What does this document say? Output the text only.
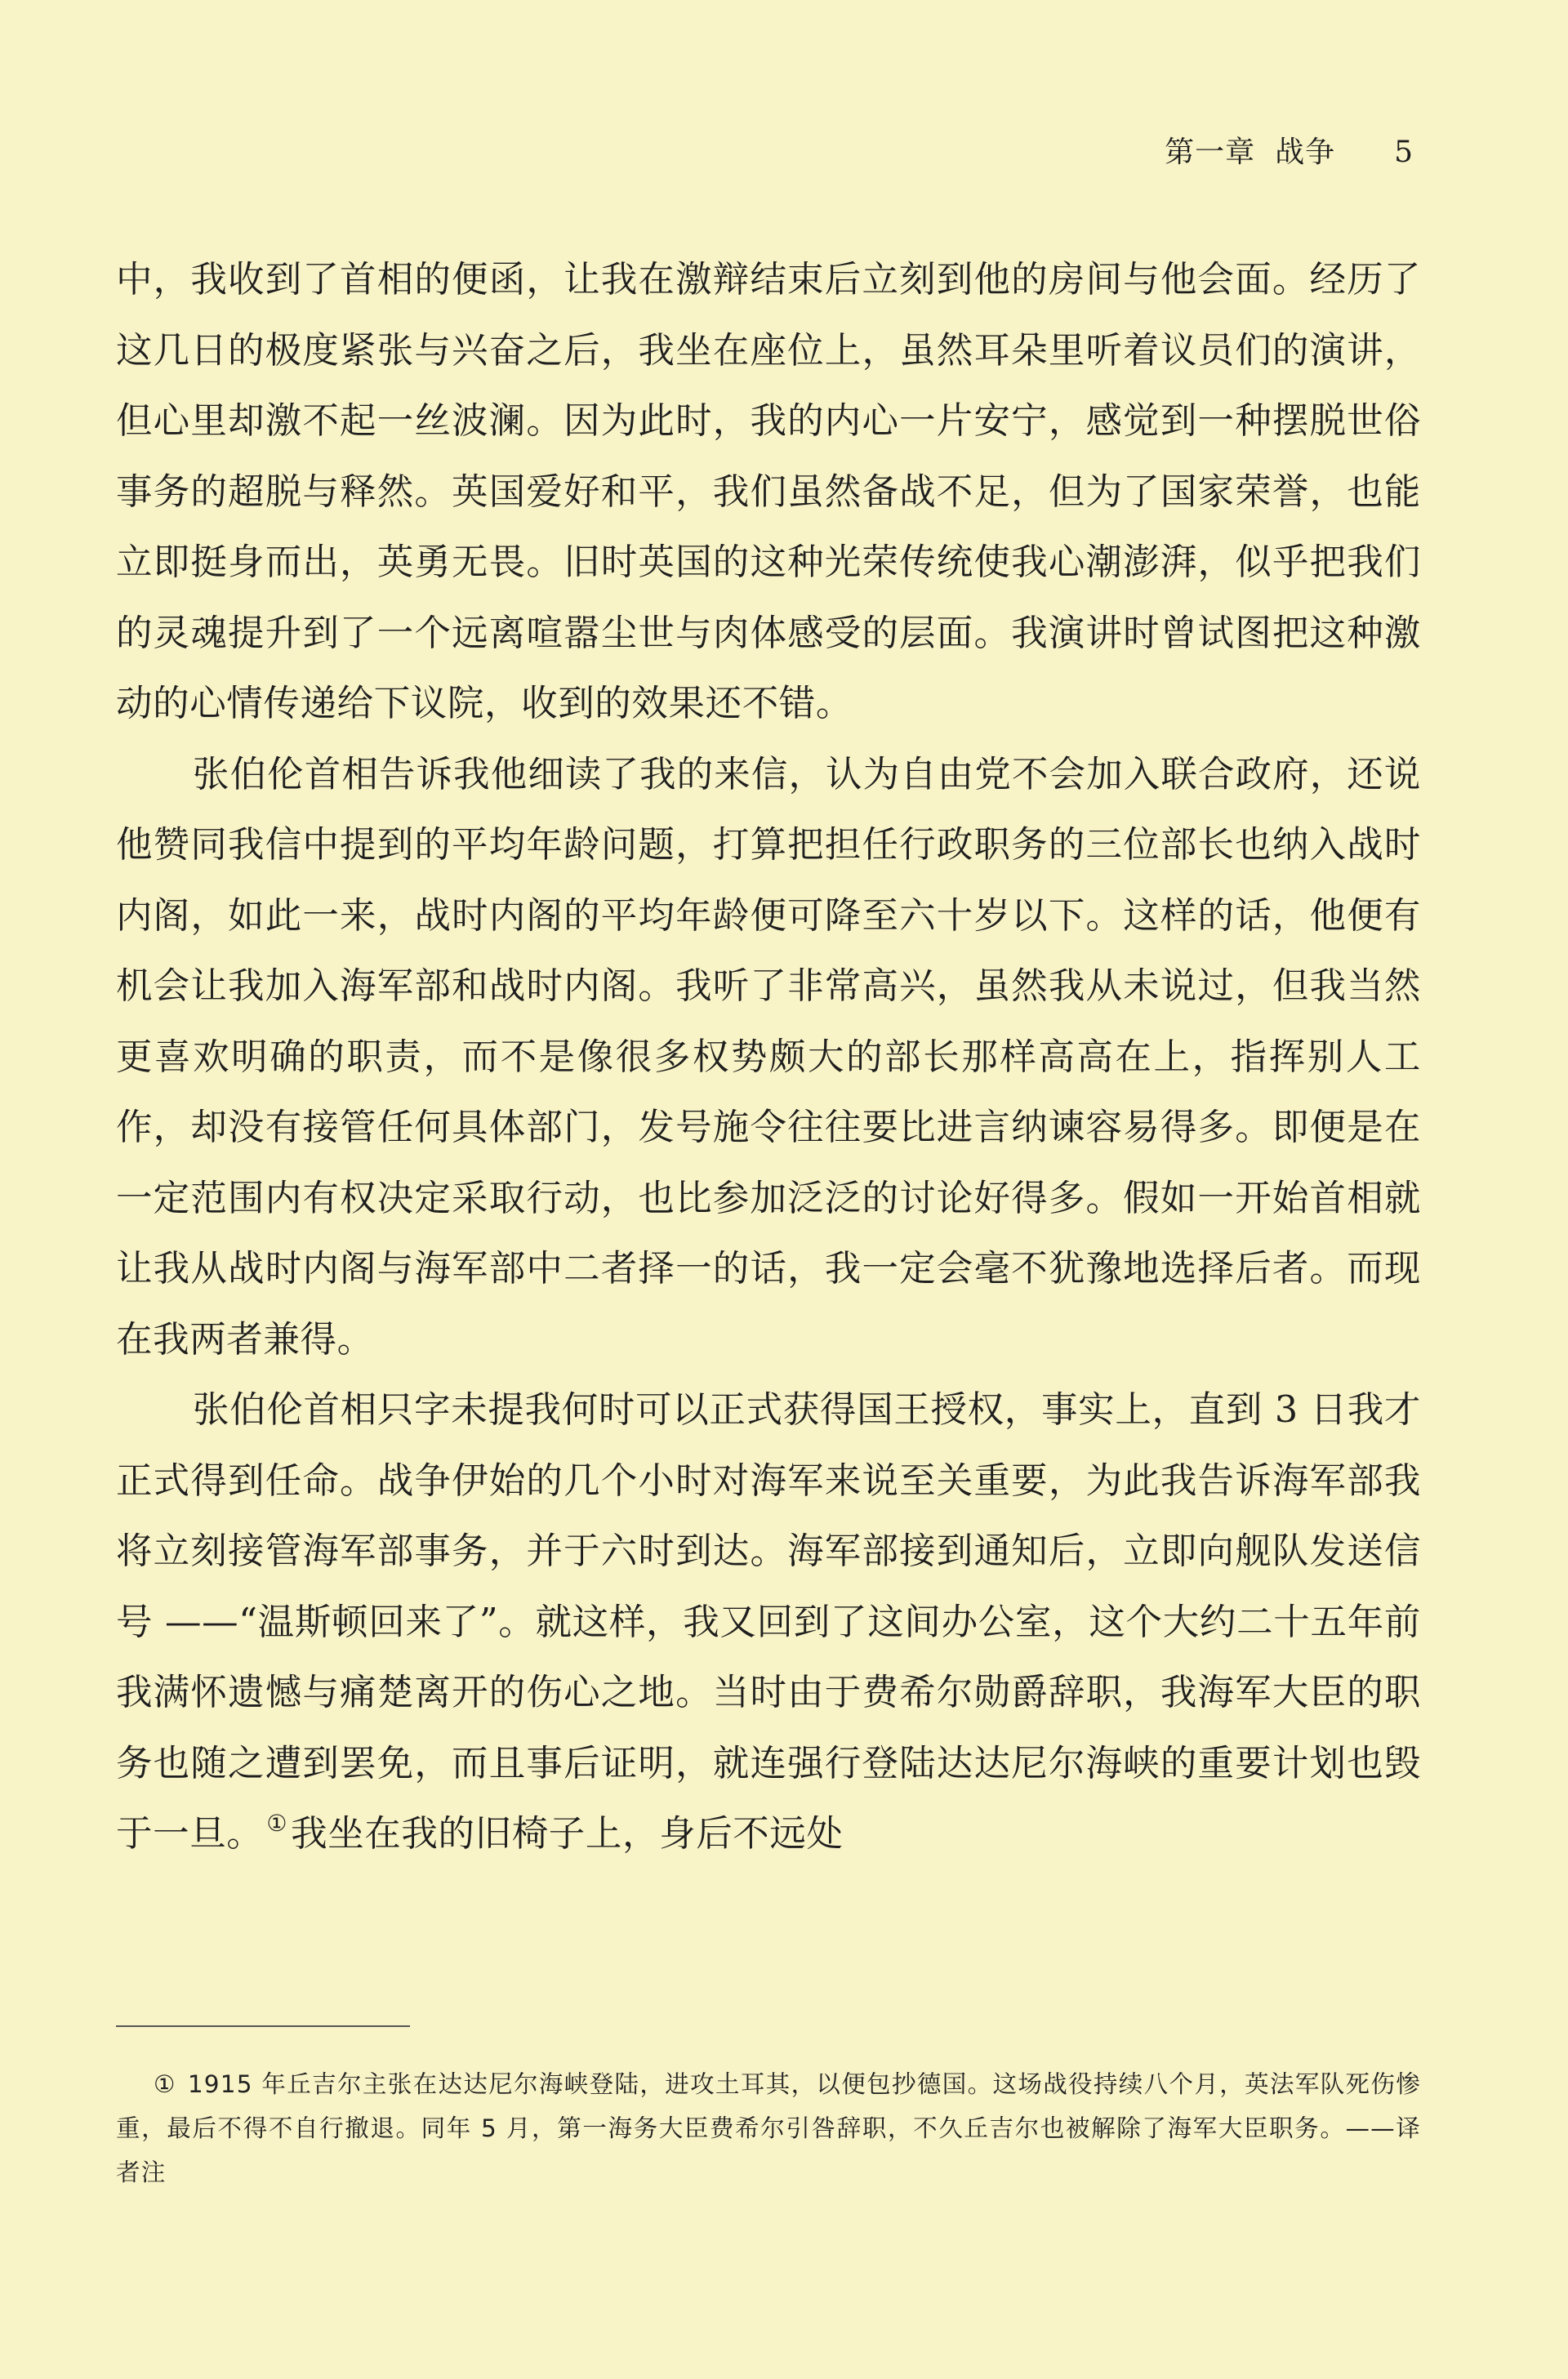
第一章 战争 5

中，我收到了首相的便函，让我在激辩结束后立刻到他的房间与他会面。经历了这几日的极度紧张与兴奋之后，我坐在座位上，虽然耳朵里听着议员们的演讲，但心里却激不起一丝波澜。因为此时，我的内心一片安宁，感觉到一种摆脱世俗事务的超脱与释然。英国爱好和平，我们虽然备战不足，但为了国家荣誉，也能立即挺身而出，英勇无畏。旧时英国的这种光荣传统使我心潮澎湃，似乎把我们的灵魂提升到了一个远离喧嚣尘世与肉体感受的层面。我演讲时曾试图把这种激动的心情传递给下议院，收到的效果还不错。

张伯伦首相告诉我他细读了我的来信，认为自由党不会加入联合政府，还说他赞同我信中提到的平均年龄问题，打算把担任行政职务的三位部长也纳入战时内阁，如此一来，战时内阁的平均年龄便可降至六十岁以下。这样的话，他便有机会让我加入海军部和战时内阁。我听了非常高兴，虽然我从未说过，但我当然更喜欢明确的职责，而不是像很多权势颇大的部长那样高高在上，指挥别人工作，却没有接管任何具体部门，发号施令往往要比进言纳谏容易得多。即便是在一定范围内有权决定采取行动，也比参加泛泛的讨论好得多。假如一开始首相就让我从战时内阁与海军部中二者择一的话，我一定会毫不犹豫地选择后者。而现在我两者兼得。

张伯伦首相只字未提我何时可以正式获得国王授权，事实上，直到 3 日我才正式得到任命。战争伊始的几个小时对海军来说至关重要，为此我告诉海军部我将立刻接管海军部事务，并于六时到达。海军部接到通知后，立即向舰队发送信号 ——“温斯顿回来了”。就这样，我又回到了这间办公室，这个大约二十五年前我满怀遗憾与痛楚离开的伤心之地。当时由于费希尔勋爵辞职，我海军大臣的职务也随之遭到罢免，而且事后证明，就连强行登陆达达尼尔海峡的重要计划也毁于一旦。 ①我坐在我的旧椅子上，身后不远处

① 1915 年丘吉尔主张在达达尼尔海峡登陆，进攻土耳其，以便包抄德国。这场战役持续八个月，英法军队死伤惨重，最后不得不自行撤退。同年 5 月，第一海务大臣费希尔引咎辞职，不久丘吉尔也被解除了海军大臣职务。——译者注
